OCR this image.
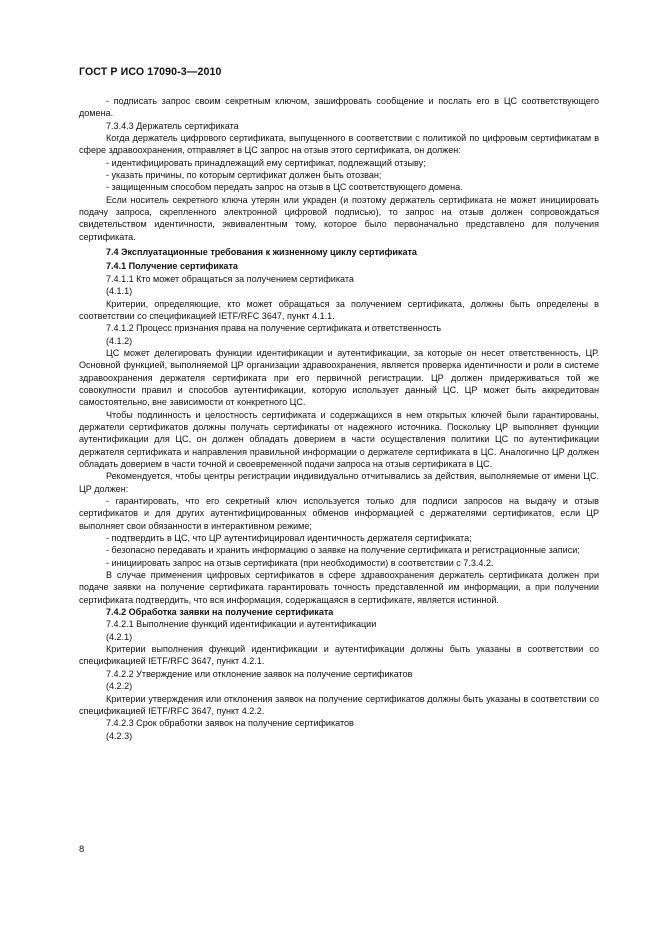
ГОСТ Р ИСО 17090-3—2010

- подписать запрос своим секретным ключом, зашифровать сообщение и послать его в ЦС соответствующего домена.

7.3.4.3 Держатель сертификата

Когда держатель цифрового сертификата, выпущенного в соответствии с политикой по цифровым сертификатам в сфере здравоохранения, отправляет в ЦС запрос на отзыв этого сертификата, он должен:

- идентифицировать принадлежащий ему сертификат, подлежащий отзыву;

- указать причины, по которым сертификат должен быть отозван;

- защищенным способом передать запрос на отзыв в ЦС соответствующего домена.

Если носитель секретного ключа утерян или украден (и поэтому держатель сертификата не может инициировать подачу запроса, скрепленного электронной цифровой подписью), то запрос на отзыв должен сопровождаться свидетельством идентичности, эквивалентным тому, которое было первоначально представлено для получения сертификата.

7.4 Эксплуатационные требования к жизненному циклу сертификата

7.4.1 Получение сертификата

7.4.1.1 Кто может обращаться за получением сертификата

(4.1.1)

Критерии, определяющие, кто может обращаться за получением сертификата, должны быть определены в соответствии со спецификацией IETF/RFC 3647, пункт 4.1.1.

7.4.1.2 Процесс признания права на получение сертификата и ответственность

(4.1.2)

ЦС может делегировать функции идентификации и аутентификации, за которые он несет ответственность, ЦР. Основной функцией, выполняемой ЦР организации здравоохранения, является проверка идентичности и роли в системе здравоохранения держателя сертификата при его первичной регистрации. ЦР должен придерживаться той же совокупности правил и способов аутентификации, которую использует данный ЦС. ЦР может быть аккредитован самостоятельно, вне зависимости от конкретного ЦС.

Чтобы подлинность и целостность сертификата и содержащихся в нем открытых ключей были гарантированы, держатели сертификатов должны получать сертификаты от надежного источника. Поскольку ЦР выполняет функции аутентификации для ЦС, он должен обладать доверием в части осуществления политики ЦС по аутентификации держателя сертификата и направления правильной информации о держателе сертификата в ЦС. Аналогично ЦР должен обладать доверием в части точной и своевременной подачи запроса на отзыв сертификата в ЦС.

Рекомендуется, чтобы центры регистрации индивидуально отчитывались за действия, выполняемые от имени ЦС. ЦР должен:

- гарантировать, что его секретный ключ используется только для подписи запросов на выдачу и отзыв сертификатов и для других аутентифицированных обменов информацией с держателями сертификатов, если ЦР выполняет свои обязанности в интерактивном режиме;

- подтвердить в ЦС, что ЦР аутентифицировал идентичность держателя сертификата;

- безопасно передавать и хранить информацию о заявке на получение сертификата и регистрационные записи;

- инициировать запрос на отзыв сертификата (при необходимости) в соответствии с 7.3.4.2.

В случае применения цифровых сертификатов в сфере здравоохранения держатель сертификата должен при подаче заявки на получение сертификата гарантировать точность представленной им информации, а при получении сертификата подтвердить, что вся информация, содержащаяся в сертификате, является истинной.

7.4.2 Обработка заявки на получение сертификата

7.4.2.1 Выполнение функций идентификации и аутентификации

(4.2.1)

Критерии выполнения функций идентификации и аутентификации должны быть указаны в соответствии со спецификацией IETF/RFC 3647, пункт 4.2.1.

7.4.2.2 Утверждение или отклонение заявок на получение сертификатов

(4.2.2)

Критерии утверждения или отклонения заявок на получение сертификатов должны быть указаны в соответствии со спецификацией IETF/RFC 3647, пункт 4.2.2.

7.4.2.3 Срок обработки заявок на получение сертификатов

(4.2.3)

8
